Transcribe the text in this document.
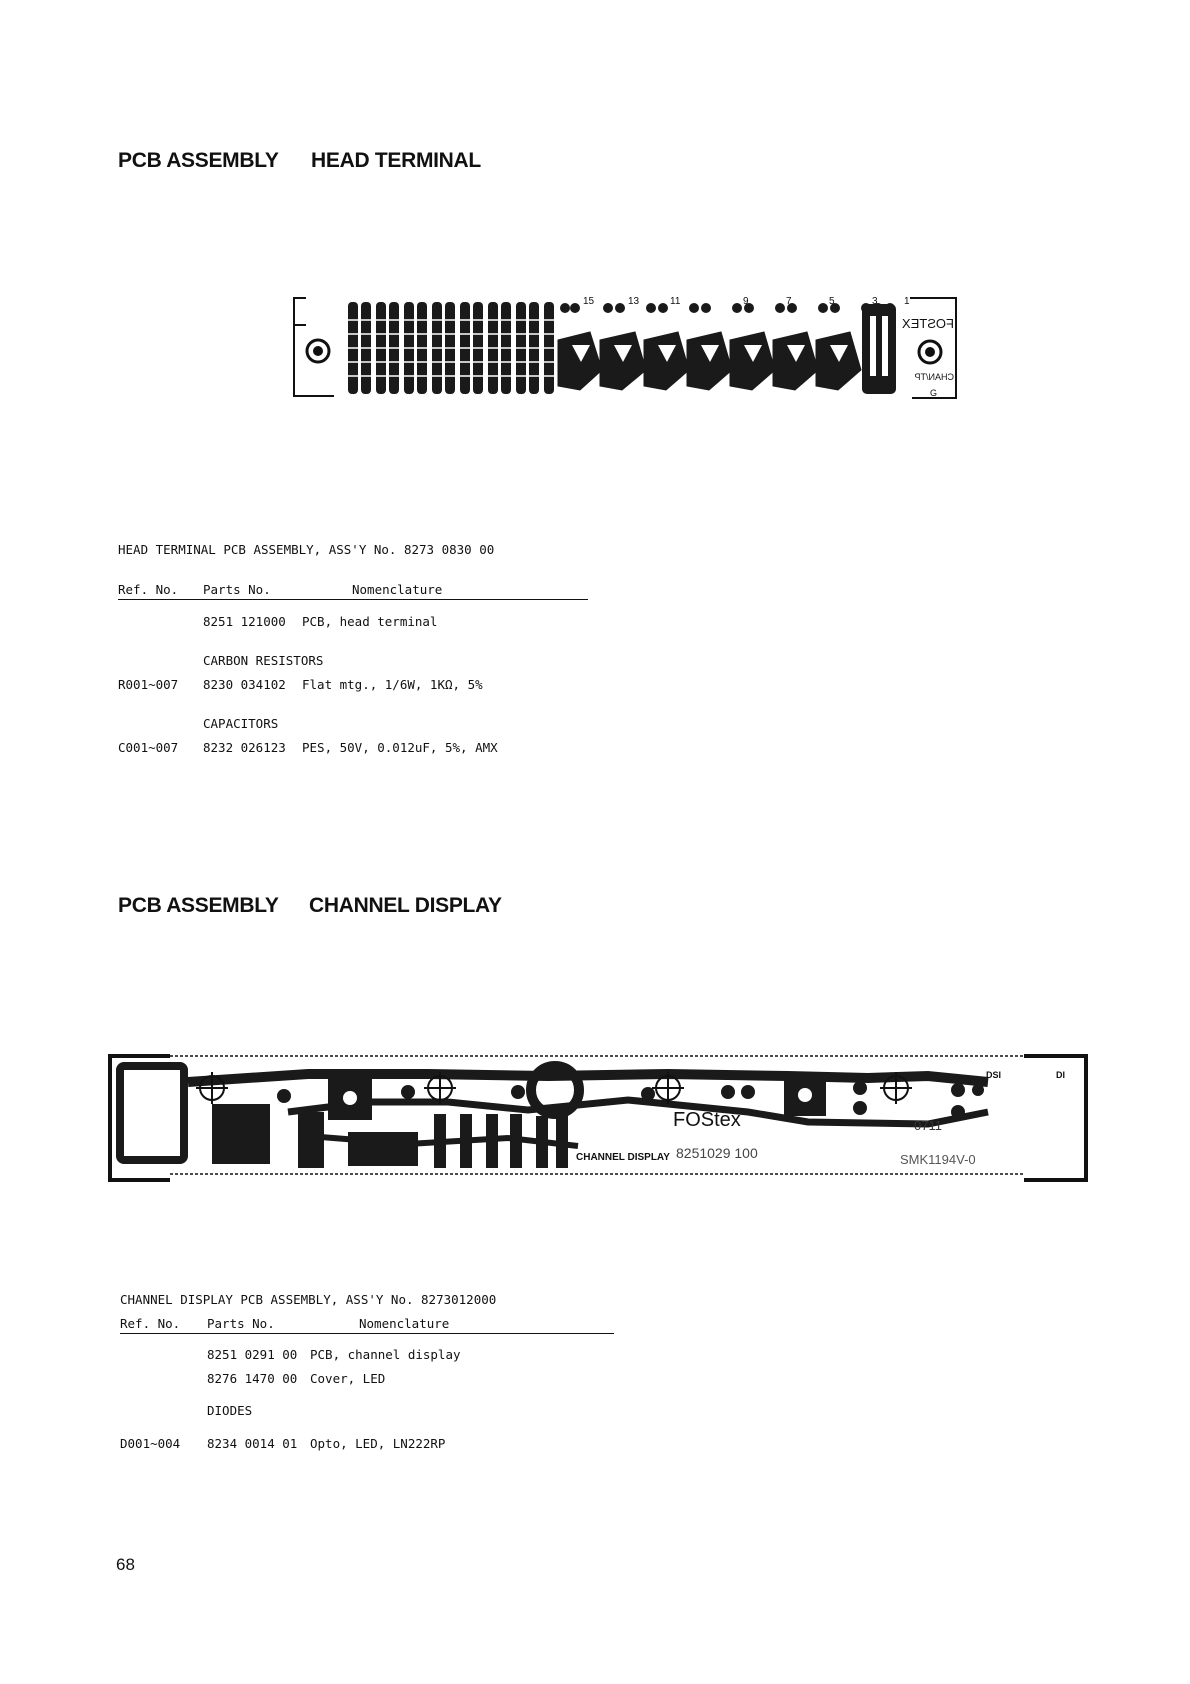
PCB ASSEMBLY HEAD TERMINAL
15	13	11	9	7	5	3	1
FOSTEX
CHAN/TP
G
HEAD TERMINAL PCB ASSEMBLY, ASS'Y No. 8273 0830 00
Ref. No. Parts No.	Nomenclature
8251 121000 PCB, head terminal
CARBON RESISTORS
R001~007 8230 034102 Flat mtg., 1/6W, 1KΩ, 5%
CAPACITORS
C001~007 8232 026123 PES, 50V, 0.012uF, 5%, AMX
PCB ASSEMBLY CHANNEL DISPLAY
FOStex
CHANNEL DISPLAY 8251029 100
0711
SMK1194V-0
DSI	DI
CHANNEL DISPLAY PCB ASSEMBLY, ASS'Y No. 8273012000
Ref. No. Parts No.	Nomenclature
8251 0291 00 PCB, channel display
8276 1470 00 Cover, LED
DIODES
D001~004 8234 0014 01 Opto, LED, LN222RP
68
